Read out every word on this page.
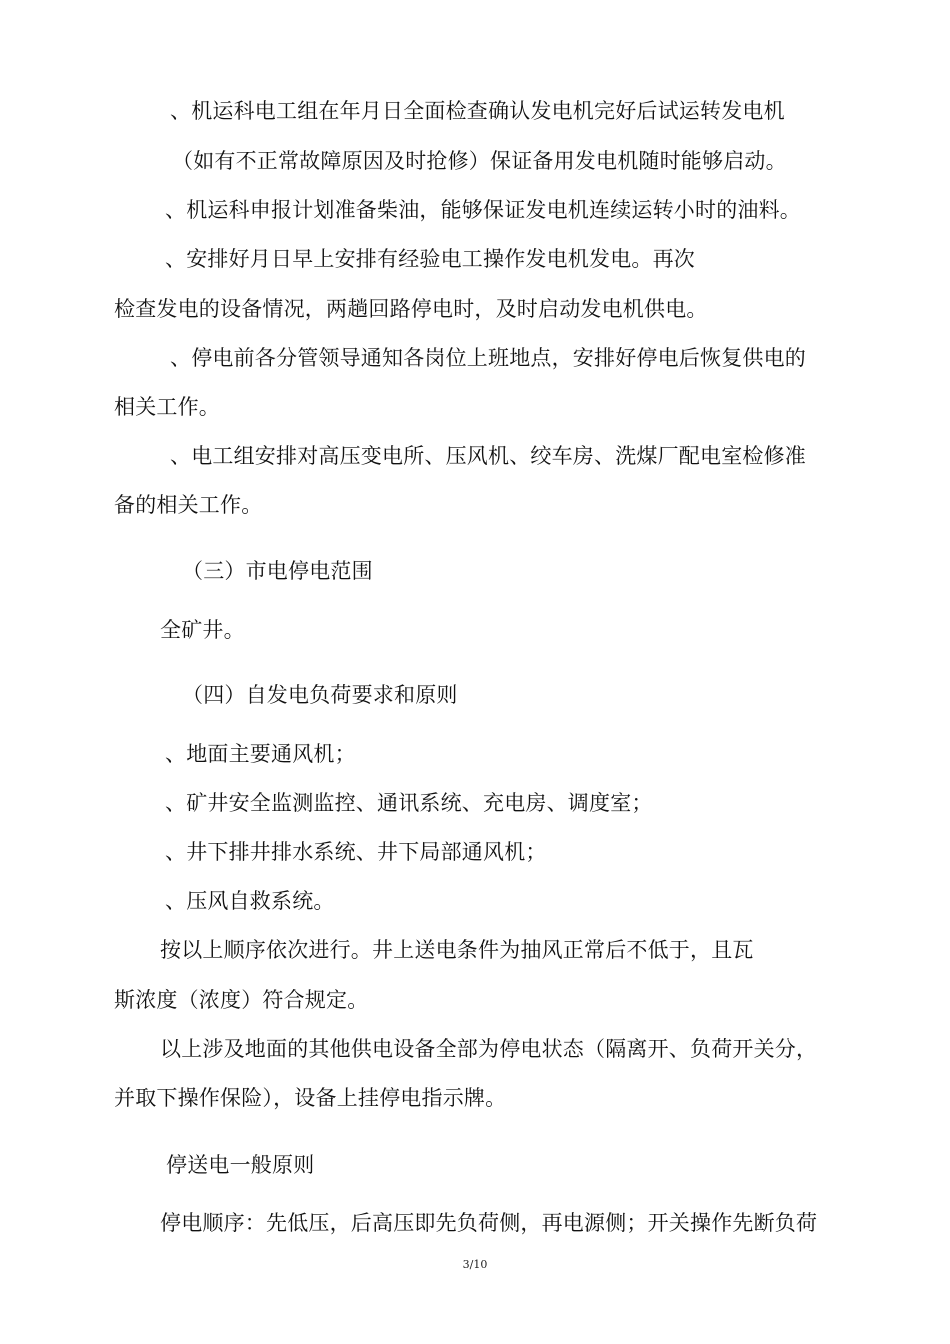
、机运科电工组在年月日全面检查确认发电机完好后试运转发电机
（如有不正常故障原因及时抢修）保证备用发电机随时能够启动。
、机运科申报计划准备柴油，能够保证发电机连续运转小时的油料。
、安排好月日早上安排有经验电工操作发电机发电。再次
检查发电的设备情况，两趟回路停电时，及时启动发电机供电。
、停电前各分管领导通知各岗位上班地点，安排好停电后恢复供电的
相关工作。
、电工组安排对高压变电所、压风机、绞车房、洗煤厂配电室检修准
备的相关工作。
（三）市电停电范围
全矿井。
（四）自发电负荷要求和原则
、地面主要通风机；
、矿井安全监测监控、通讯系统、充电房、调度室；
、井下排井排水系统、井下局部通风机；
、压风自救系统。
按以上顺序依次进行。井上送电条件为抽风正常后不低于，且瓦
斯浓度（浓度）符合规定。
以上涉及地面的其他供电设备全部为停电状态（隔离开、负荷开关分，
并取下操作保险），设备上挂停电指示牌。
停送电一般原则
停电顺序：先低压，后高压即先负荷侧，再电源侧；开关操作先断负荷
3/10
